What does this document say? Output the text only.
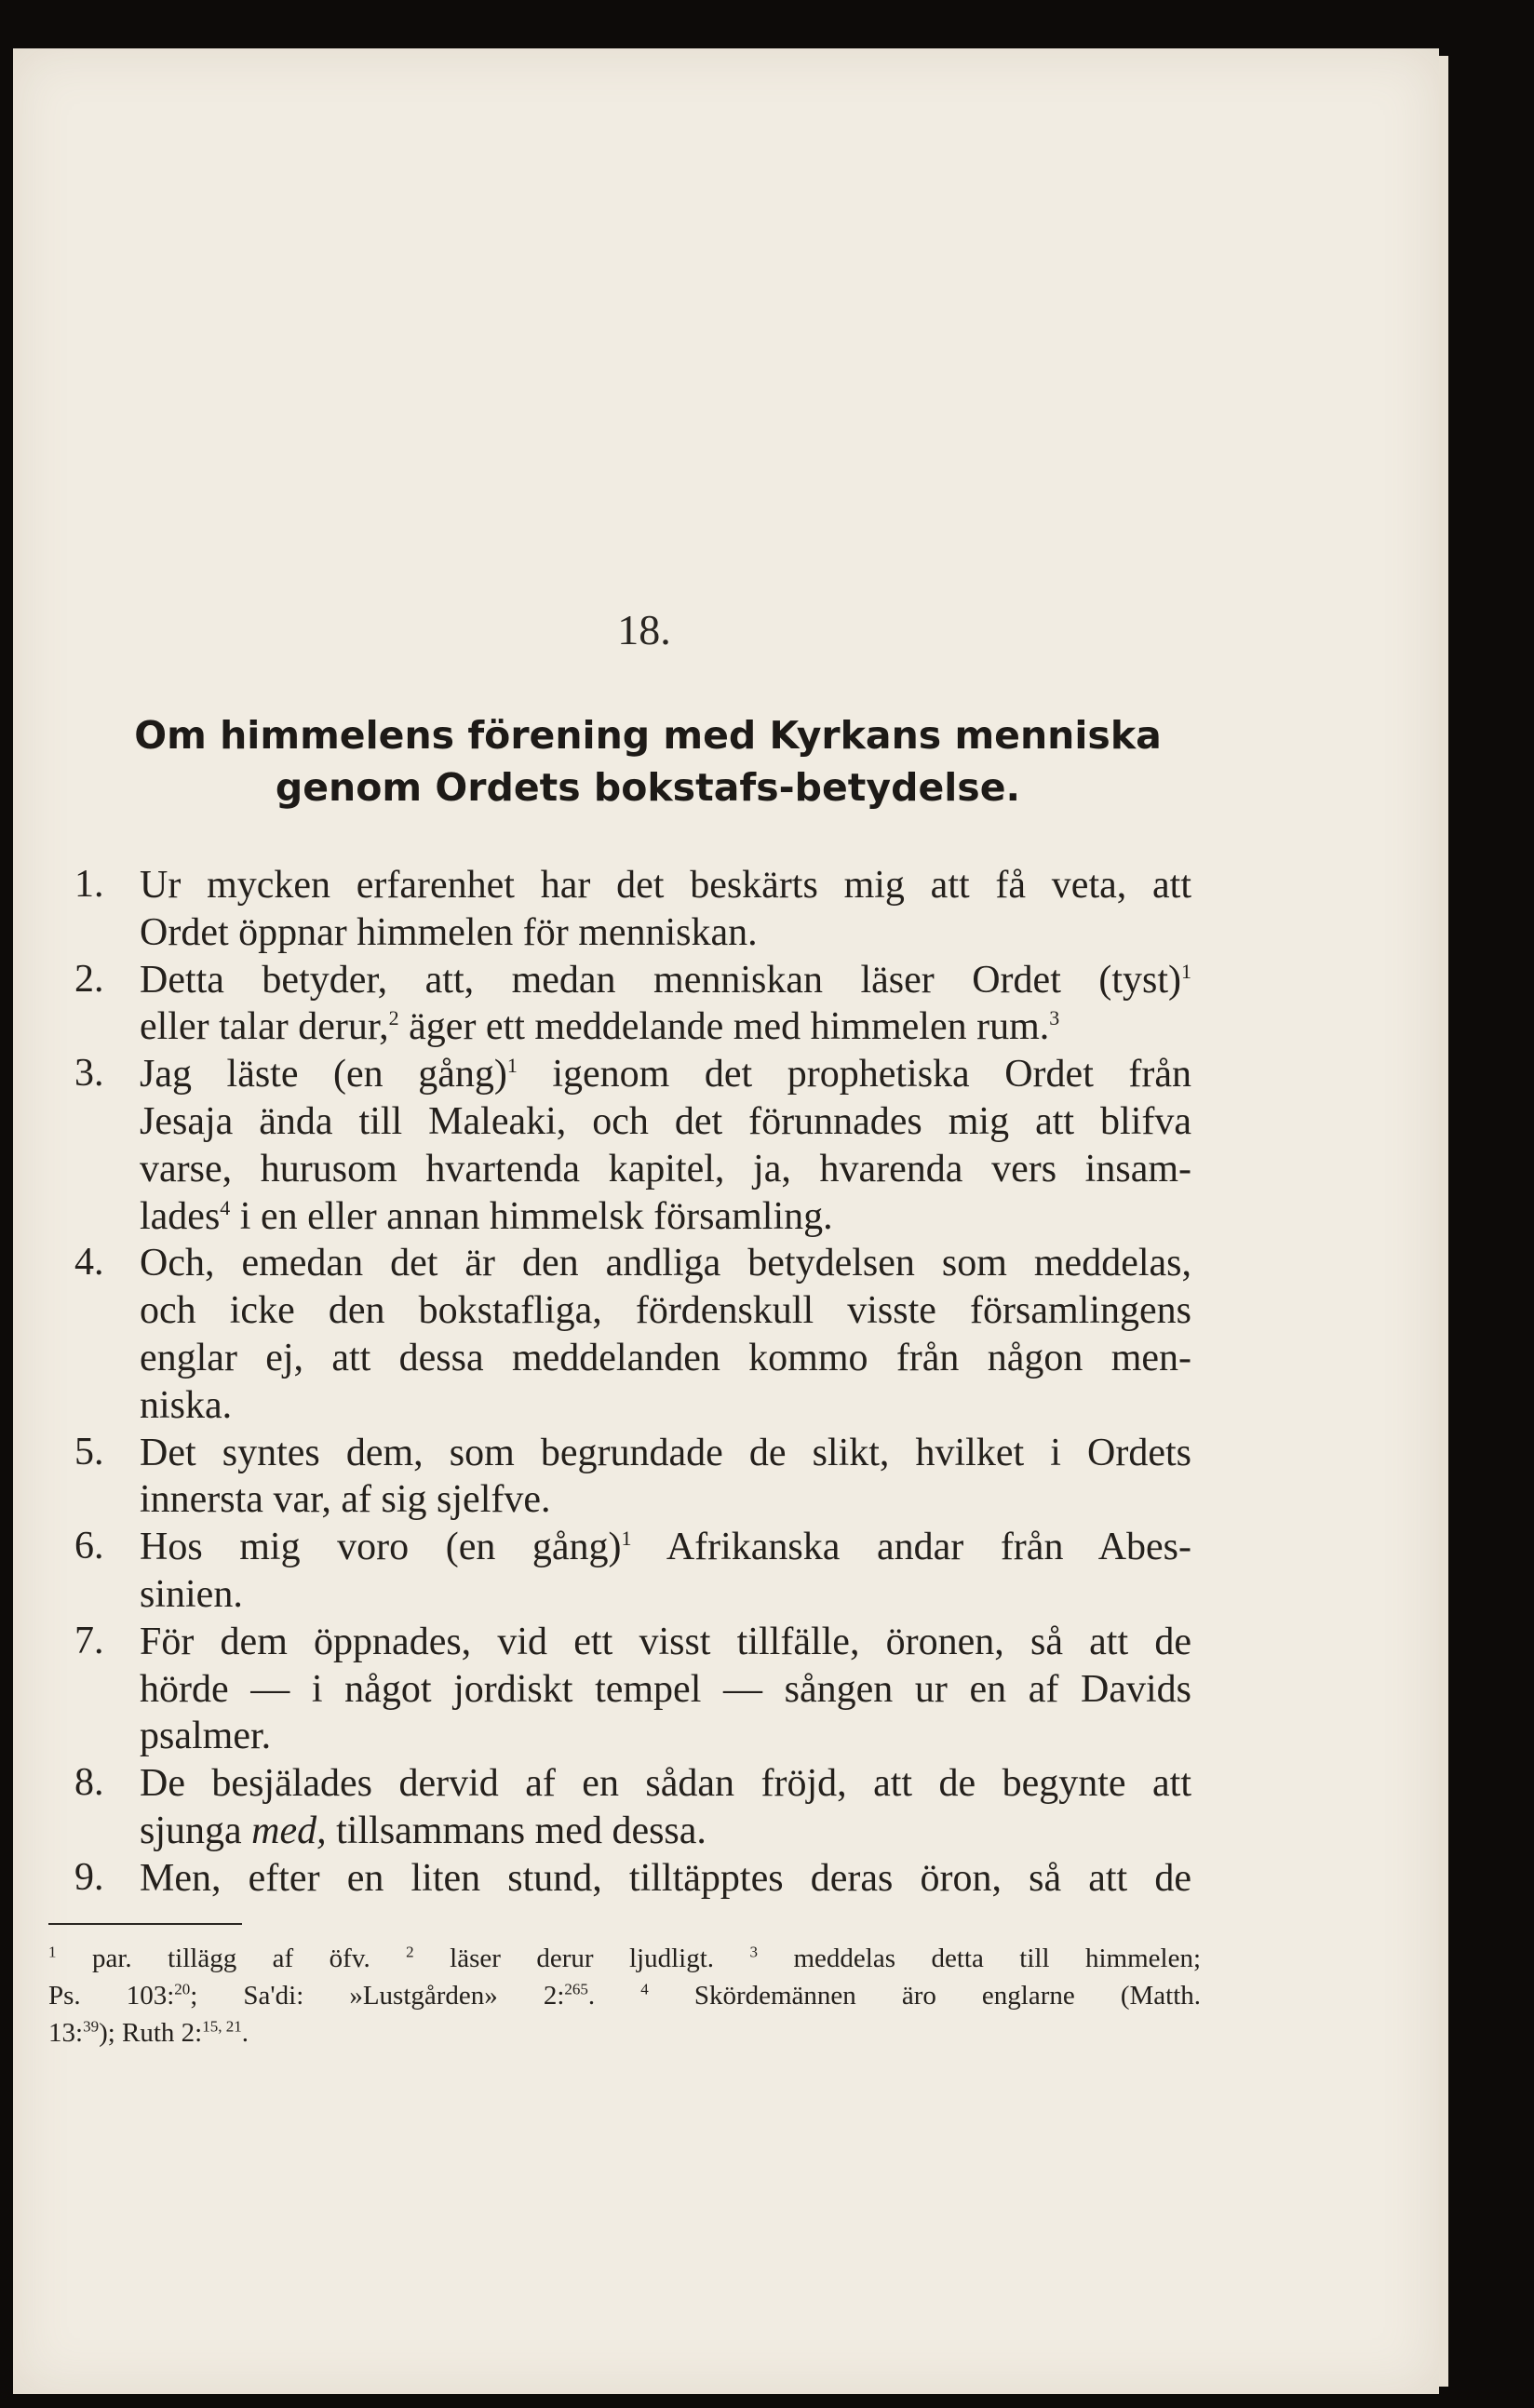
18.
Om himmelens förening med Kyrkans menniska
genom Ordets bokstafs-betydelse.
1. Ur mycken erfarenhet har det beskärts mig att få veta, att
Ordet öppnar himmelen för menniskan.
2. Detta betyder, att, medan menniskan läser Ordet (tyst)$^1$
eller talar derur,$^2$ äger ett meddelande med himmelen rum.$^3$
3. Jag läste (en gång)$^1$ igenom det prophetiska Ordet från
Jesaja ända till Maleaki, och det förunnades mig att blifva
varse, hurusom hvartenda kapitel, ja, hvarenda vers insam-
lades$^4$ i en eller annan himmelsk församling.
4. Och, emedan det är den andliga betydelsen som meddelas,
och icke den bokstafliga, fördenskull visste församlingens
englar ej, att dessa meddelanden kommo från någon men-
niska.
5. Det syntes dem, som begrundade de slikt, hvilket i Ordets
innersta var, af sig sjelfve.
6. Hos mig voro (en gång)$^1$ Afrikanska andar från Abes-
sinien.
7. För dem öppnades, vid ett visst tillfälle, öronen, så att de
hörde — i något jordiskt tempel — sången ur en af Davids
psalmer.
8. De besjälades dervid af en sådan fröjd, att de begynte att
sjunga med, tillsammans med dessa.
9. Men, efter en liten stund, tilltäpptes deras öron, så att de
$^1$ par. tillägg af öfv. $^2$ läser derur ljudligt. $^3$ meddelas detta till himmelen;
Ps. 103:$^{20}$; Sa'di: »Lustgården» 2:$^{265}$.	$^4$ Skördemännen äro englarne (Matth.
13:$^{39}$); Ruth 2:$^{15, 21}$.
